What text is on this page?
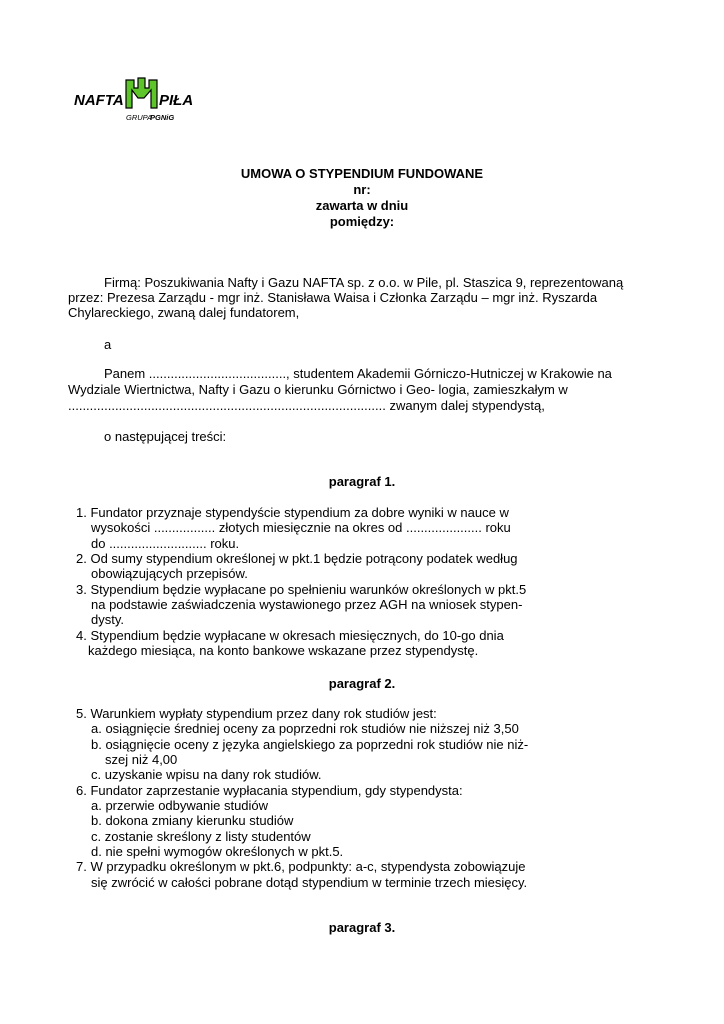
NAFTA PIŁA
GRUPA
PGNiG
UMOWA O STYPENDIUM FUNDOWANE
nr:
zawarta w dniu
pomiędzy:
Firmą: Poszukiwania Nafty i Gazu NAFTA sp. z o.o. w Pile, pl. Staszica 9, reprezentowaną
przez: Prezesa Zarządu - mgr inż. Stanisława Waisa i Członka Zarządu – mgr inż. Ryszarda
Chylareckiego, zwaną dalej fundatorem,
a
Panem ......................................, studentem Akademii Górniczo-Hutniczej w Krakowie na
Wydziale Wiertnictwa, Nafty i Gazu o kierunku Górnictwo i Geo- logia, zamieszkałym w
........................................................................................ zwanym dalej stypendystą,
o następującej treści:
paragraf 1.
1. Fundator przyznaje stypendyście stypendium za dobre wyniki w nauce w
wysokości ................. złotych miesięcznie na okres od ..................... roku
do ........................... roku.
2. Od sumy stypendium określonej w pkt.1 będzie potrącony podatek według
obowiązujących przepisów.
3. Stypendium będzie wypłacane po spełnieniu warunków określonych w pkt.5
na podstawie zaświadczenia wystawionego przez AGH na wniosek stypen-
dysty.
4. Stypendium będzie wypłacane w okresach miesięcznych, do 10-go dnia
każdego miesiąca, na konto bankowe wskazane przez stypendystę.
paragraf 2.
5. Warunkiem wypłaty stypendium przez dany rok studiów jest:
a. osiągnięcie średniej oceny za poprzedni rok studiów nie niższej niż 3,50
b. osiągnięcie oceny z języka angielskiego za poprzedni rok studiów nie niż-
szej niż 4,00
c. uzyskanie wpisu na dany rok studiów.
6. Fundator zaprzestanie wypłacania stypendium, gdy stypendysta:
a. przerwie odbywanie studiów
b. dokona zmiany kierunku studiów
c. zostanie skreślony z listy studentów
d. nie spełni wymogów określonych w pkt.5.
7. W przypadku określonym w pkt.6, podpunkty: a-c, stypendysta zobowiązuje
się zwrócić w całości pobrane dotąd stypendium w terminie trzech miesięcy.
paragraf 3.
